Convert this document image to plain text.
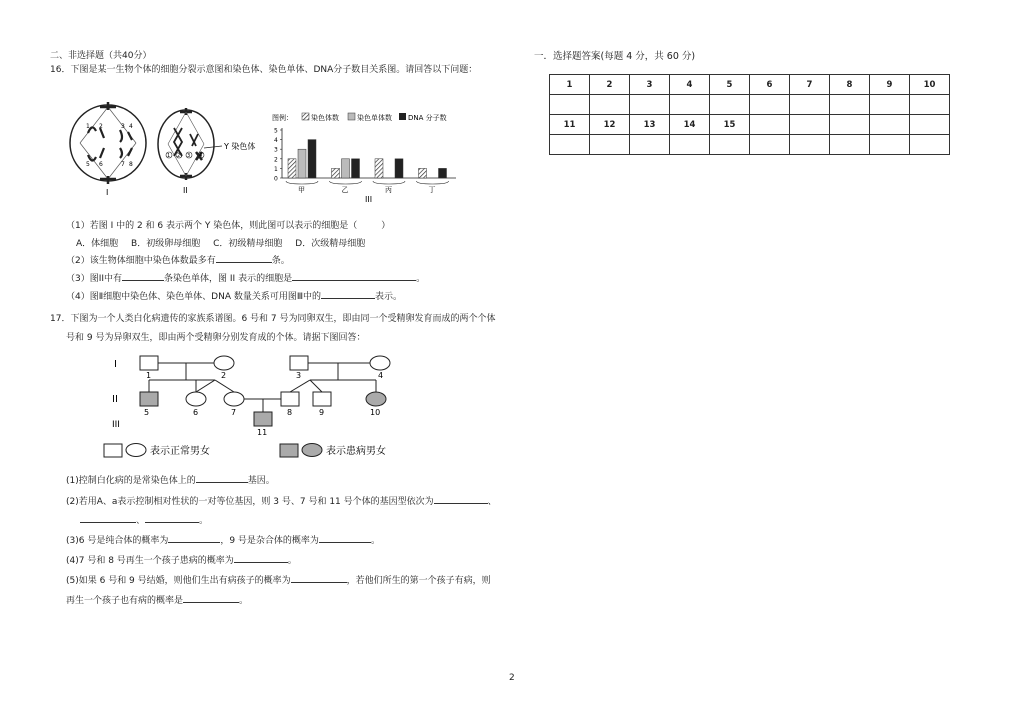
二、非选择题（共40分）
16．下图是某一生物个体的细胞分裂示意图和染色体、染色单体、DNA分子数目关系图。请回答以下问题：
1 2	3 4
5 6	7 8
I
1 2 3 4
Y 染色体
II
图例：	染色体数	染色单体数 DNA 分子数
0
1
2
3
4
5
甲	乙	丙	丁
III
（1）若图 I 中的 2 和 6 表示两个 Y 染色体，则此图可以表示的细胞是（	）
A．体细胞 B．初级卵母细胞 C．初级精母细胞 D．次级精母细胞
（2）该生物体细胞中染色体数最多有	条。
（3）图II中有	条染色单体，图 II 表示的细胞是	。
（4）图Ⅱ细胞中染色体、染色单体、DNA 数量关系可用图Ⅲ中的	表示。
17．下图为一个人类白化病遗传的家族系谱图。6 号和 7 号为同卵双生，即由同一个受精卵发育而成的两个个体
号和 9 号为异卵双生，即由两个受精卵分别发育成的个体。请据下图回答：
I
II
III
1	2	3	4
5	6	7	8	9	10
11
表示正常男女	表示患病男女
(1)控制白化病的是常染色体上的	基因。
(2)若用A、a表示控制相对性状的一对等位基因，则 3 号、7 号和 11 号个体的基因型依次为	、
、	。
(3)6 号是纯合体的概率为	，9 号是杂合体的概率为	。
(4)7 号和 8 号再生一个孩子患病的概率为	。
(5)如果 6 号和 9 号结婚，则他们生出有病孩子的概率为	，若他们所生的第一个孩子有病，则
再生一个孩子也有病的概率是	。
一．选择题答案(每题 4 分，共 60 分)
1	2	3	4	5	6	7	8	9	10

11	12	13	14	15					

2
